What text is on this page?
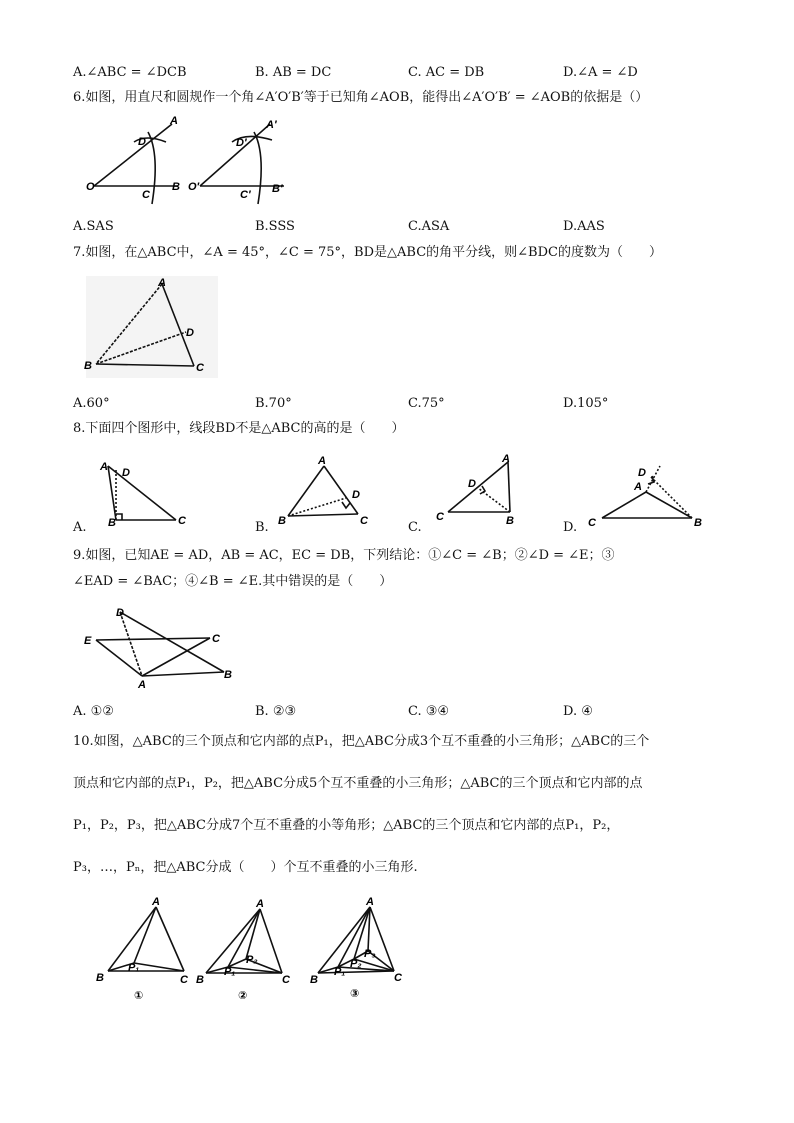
A.∠ABC = ∠DCB	B. AB = DC	C. AC = DB	D.∠A = ∠D
6.如图，用直尺和圆规作一个角∠A′O′B′等于已知角∠AOB，能得出∠A′O′B′ = ∠AOB的依据是（）
O
D
A
C
B O′
D′
A′
C′ B′
A.SAS	B.SSS	C.ASA	D.AAS
7.如图，在△ABC中，∠A = 45°，∠C = 75°，BD是△ABC的角平分线，则∠BDC的度数为（　　）
A
B	C
D
A.60°	B.70°	C.75°	D.105°
8.下面四个图形中，线段BD不是△ABC的高的是（　　）
A D
B	C
A.
A
D
B	C
B.
A
D
C	B
C.
D
A
C	B
D.
9.如图，已知AE = AD，AB = AC，EC = DB，下列结论：①∠C = ∠B；②∠D = ∠E；③
∠EAD = ∠BAC；④∠B = ∠E.其中错误的是（　　）
D
E	C
A
B
A. ①②	B. ②③	C. ③④	D. ④
10.如图，△ABC的三个顶点和它内部的点P₁，把△ABC分成3个互不重叠的小三角形；△ABC的三个
顶点和它内部的点P₁，P₂，把△ABC分成5个互不重叠的小三角形；△ABC的三个顶点和它内部的点
P₁，P₂，P₃，把△ABC分成7个互不重叠的小等角形；△ABC的三个顶点和它内部的点P₁，P₂，
P₃，…，Pₙ，把△ABC分成（　　）个互不重叠的小三角形.
A
B	C
P₁
①
A
B	C
P₁
P₂
②
A
B	C
P₁
P₂
P₃
③
